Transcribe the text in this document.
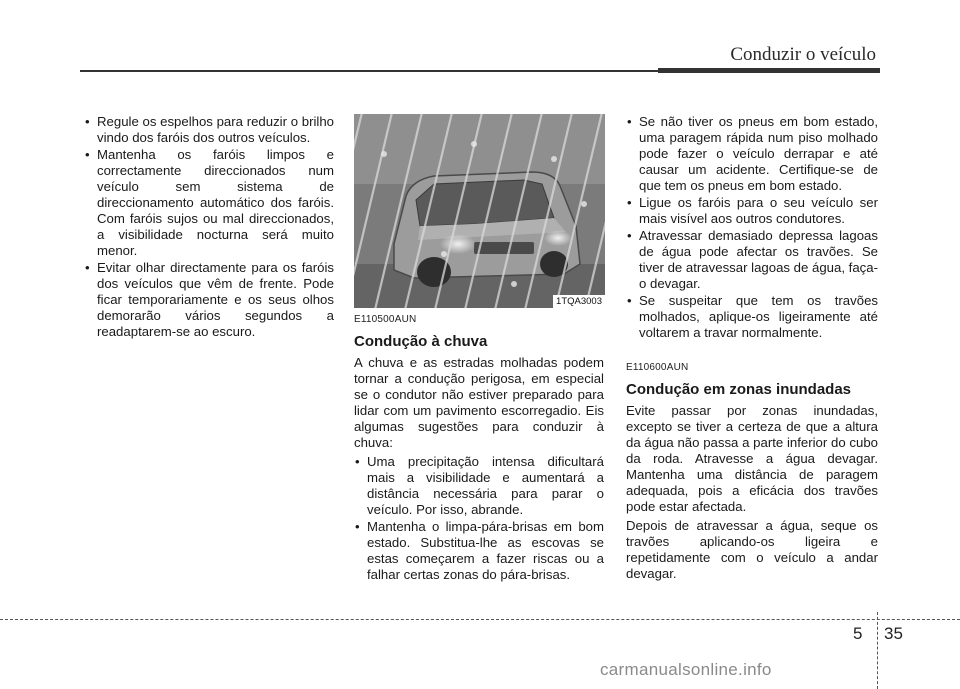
Conduzir o veículo
• Regule os espelhos para reduzir o brilho vindo dos faróis dos outros veículos.
• Mantenha os faróis limpos e correctamente direccionados num veículo sem sistema de direccionamento automático dos faróis. Com faróis sujos ou mal direccionados, a visibilidade nocturna será muito menor.
• Evitar olhar directamente para os faróis dos veículos que vêm de frente. Pode ficar temporariamente e os seus olhos demorarão vários segundos a readaptarem-se ao escuro.
1TQA3003
E110500AUN
Condução à chuva

A chuva e as estradas molhadas podem tornar a condução perigosa, em especial se o condutor não estiver preparado para lidar com um pavimento escorregadio. Eis algumas sugestões para conduzir à chuva:

• Uma precipitação intensa dificultará mais a visibilidade e aumentará a distância necessária para parar o veículo. Por isso, abrande.
• Mantenha o limpa-pára-brisas em bom estado. Substitua-lhe as escovas se estas começarem a fazer riscas ou a falhar certas zonas do pára-brisas.
• Se não tiver os pneus em bom estado, uma paragem rápida num piso molhado pode fazer o veículo derrapar e até causar um acidente. Certifique-se de que tem os pneus em bom estado.
• Ligue os faróis para o seu veículo ser mais visível aos outros condutores.
• Atravessar demasiado depressa lagoas de água pode afectar os travões. Se tiver de atravessar lagoas de água, faça-o devagar.
• Se suspeitar que tem os travões molhados, aplique-os ligeiramente até voltarem a travar normalmente.
E110600AUN
Condução em zonas inundadas

Evite passar por zonas inundadas, excepto se tiver a certeza de que a altura da água não passa a parte inferior do cubo da roda. Atravesse a água devagar. Mantenha uma distância de paragem adequada, pois a eficácia dos travões pode estar afectada.

Depois de atravessar a água, seque os travões aplicando-os ligeira e repetidamente com o veículo a andar devagar.

5 35
carmanualsonline.info
